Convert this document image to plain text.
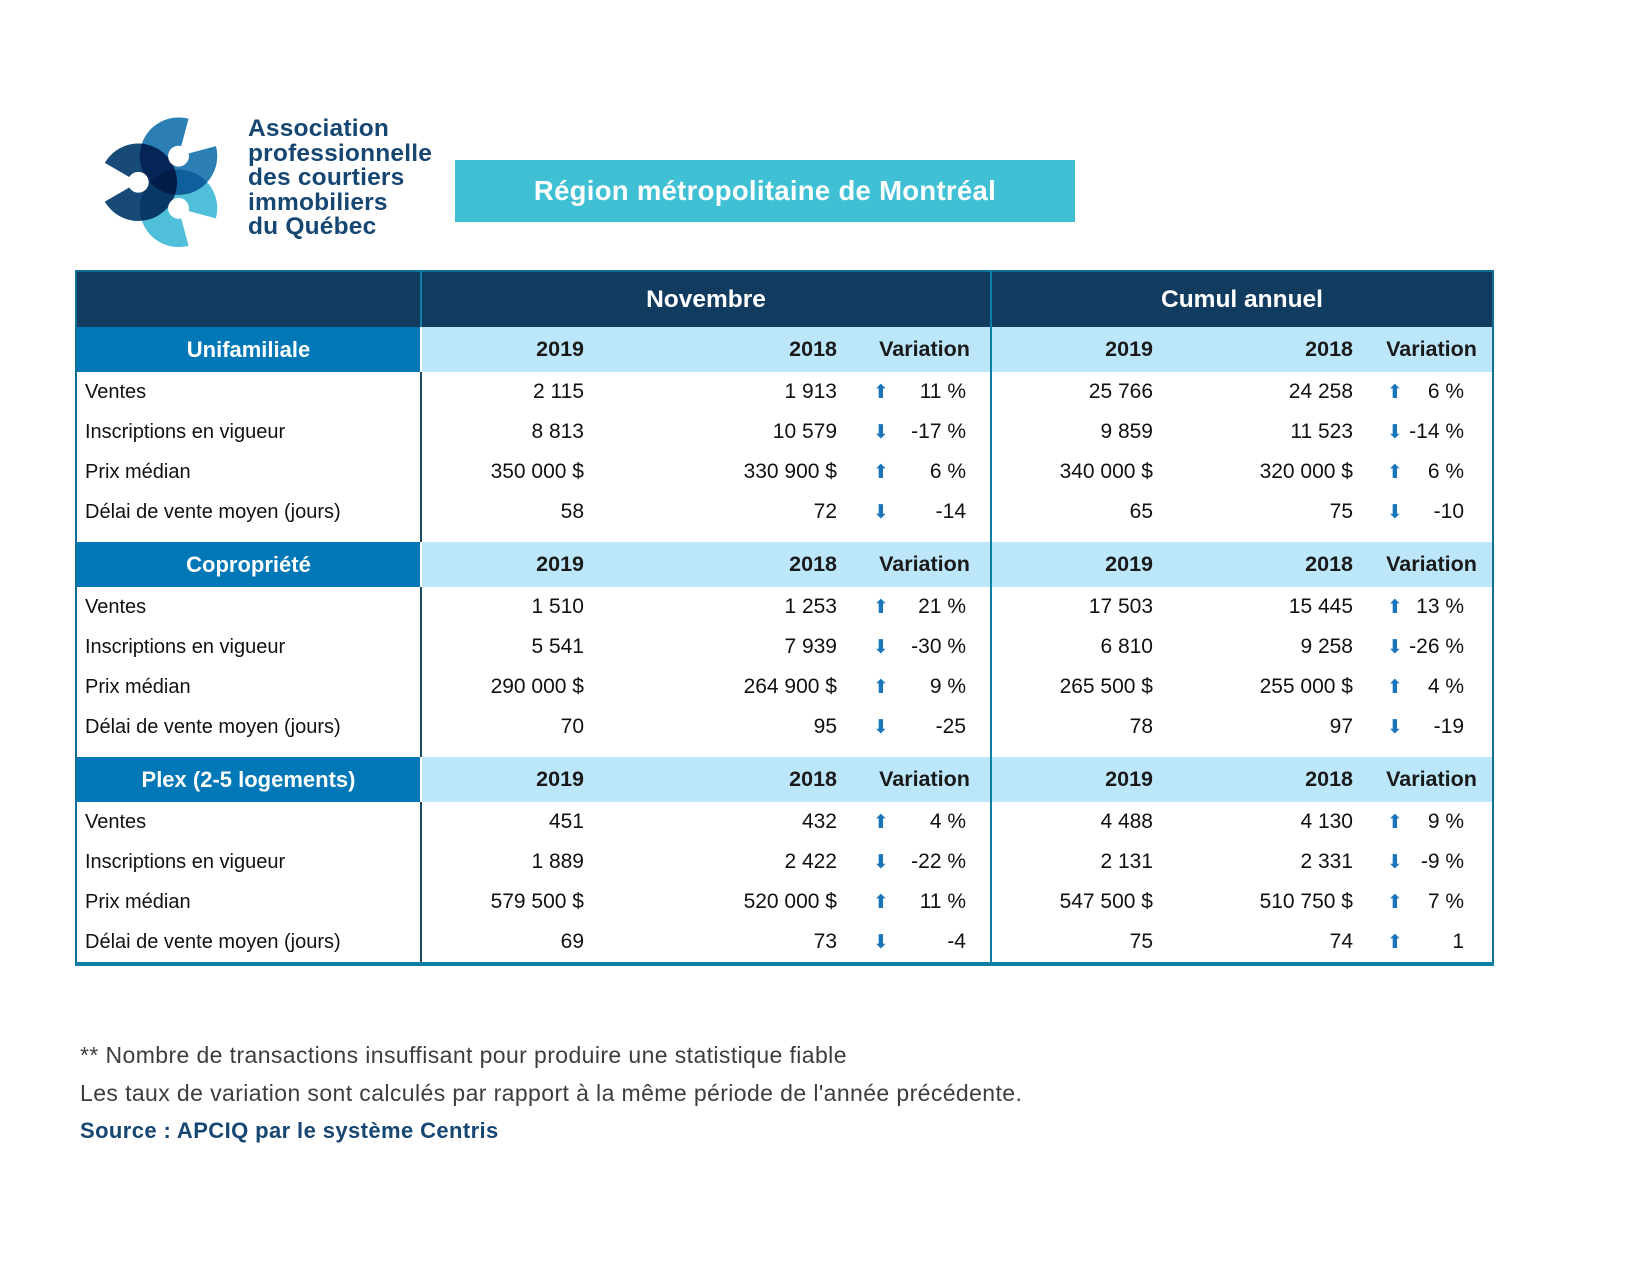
Association
professionnelle
des courtiers
immobiliers
du Québec
Région métropolitaine de Montréal
	Novembre			Cumul annuel		
Unifamiliale	2019	2018	Variation	2019	2018	Variation
Ventes	2 115	1 913	⬆ 11 %	25 766	24 258	⬆ 6 %

Inscriptions en vigueur	8 813	10 579	⬇ -17 %	9 859	11 523	⬇ -14 %

Prix médian	350 000 $	330 900 $	⬆ 6 %	340 000 $	320 000 $	⬆ 6 %

Délai de vente moyen (jours)	58	72	⬇ -14	65	75	⬇ -10

Copropriété	2019	2018	Variation	2019	2018	Variation
Ventes	1 510	1 253	⬆ 21 %	17 503	15 445	⬆ 13 %

Inscriptions en vigueur	5 541	7 939	⬇ -30 %	6 810	9 258	⬇ -26 %

Prix médian	290 000 $	264 900 $	⬆ 9 %	265 500 $	255 000 $	⬆ 4 %

Délai de vente moyen (jours)	70	95	⬇ -25	78	97	⬇ -19

Plex (2-5 logements)	2019	2018	Variation	2019	2018	Variation
Ventes	451	432	⬆ 4 %	4 488	4 130	⬆ 9 %

Inscriptions en vigueur	1 889	2 422	⬇ -22 %	2 131	2 331	⬇ -9 %

Prix médian	579 500 $	520 000 $	⬆ 11 %	547 500 $	510 750 $	⬆ 7 %

Délai de vente moyen (jours)	69	73	⬇ -4	75	74	⬆ 1
** Nombre de transactions insuffisant pour produire une statistique fiable
Les taux de variation sont calculés par rapport à la même période de l'année précédente.
Source : APCIQ par le système Centris
